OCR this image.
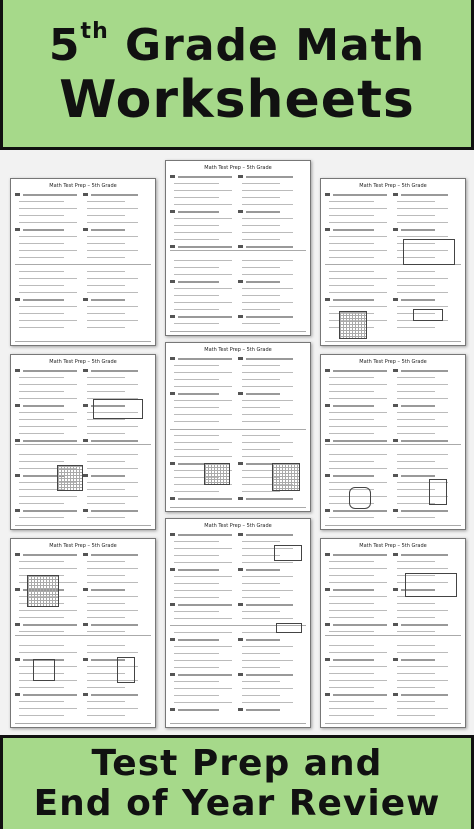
5th Grade Math
Worksheets
Math Test Prep – 5th Grade
Math Test Prep – 5th Grade
Math Test Prep – 5th Grade
Math Test Prep – 5th Grade
Math Test Prep – 5th Grade
Math Test Prep – 5th Grade
Math Test Prep – 5th Grade
Math Test Prep – 5th Grade
Math Test Prep – 5th Grade
Test Prep and
End of Year Review
